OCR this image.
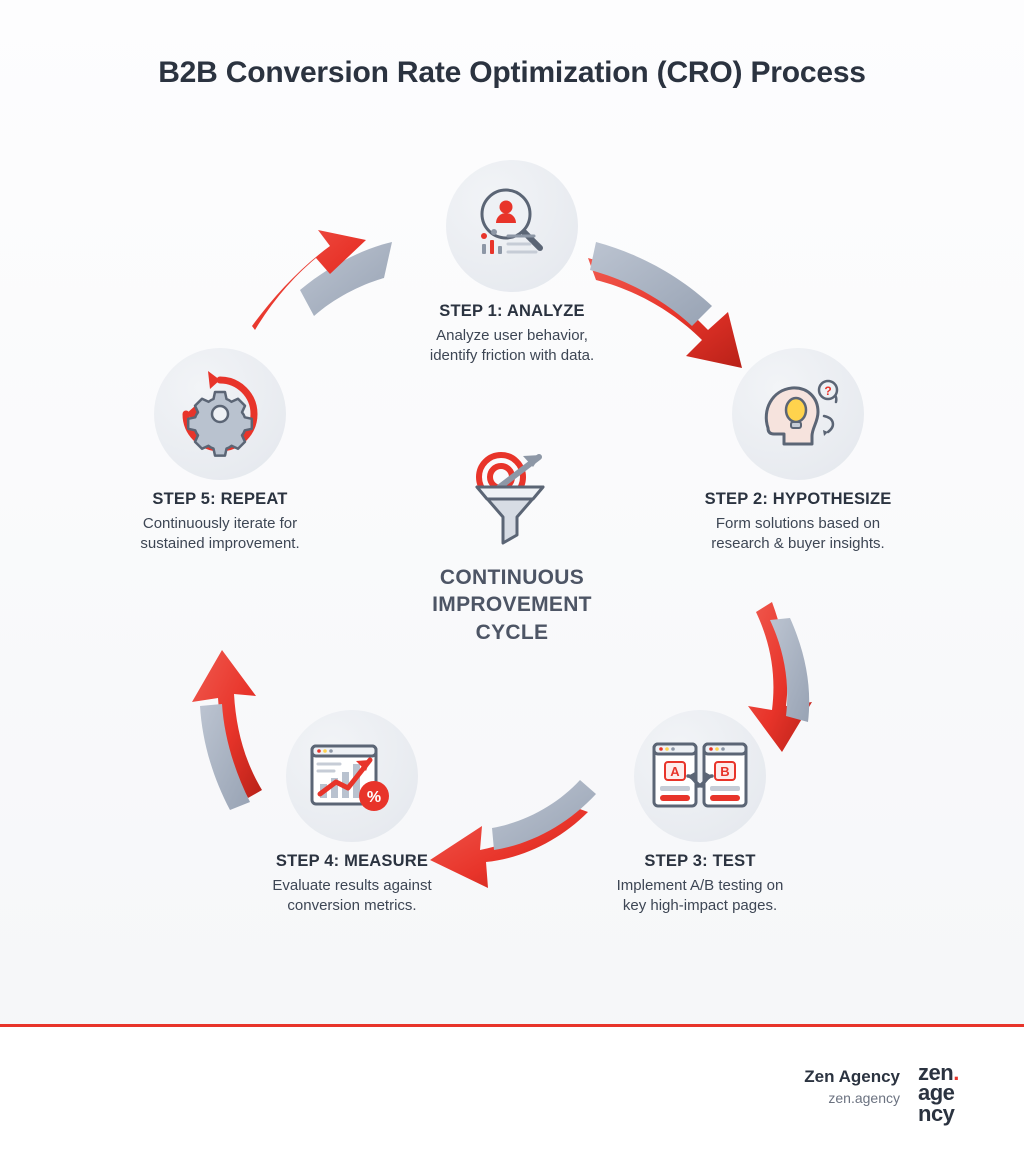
B2B Conversion Rate Optimization (CRO) Process
STEP 1: ANALYZE
Analyze user behavior,
identify friction with data.
?
STEP 2: HYPOTHESIZE
Form solutions based on
research & buyer insights.
A	B
STEP 3: TEST
Implement A/B testing on
key high-impact pages.
%
STEP 4: MEASURE
Evaluate results against
conversion metrics.
STEP 5: REPEAT
Continuously iterate for
sustained improvement.
CONTINUOUS
IMPROVEMENT
CYCLE
Zen Agency
zen.agency
zen.
age
ncy
